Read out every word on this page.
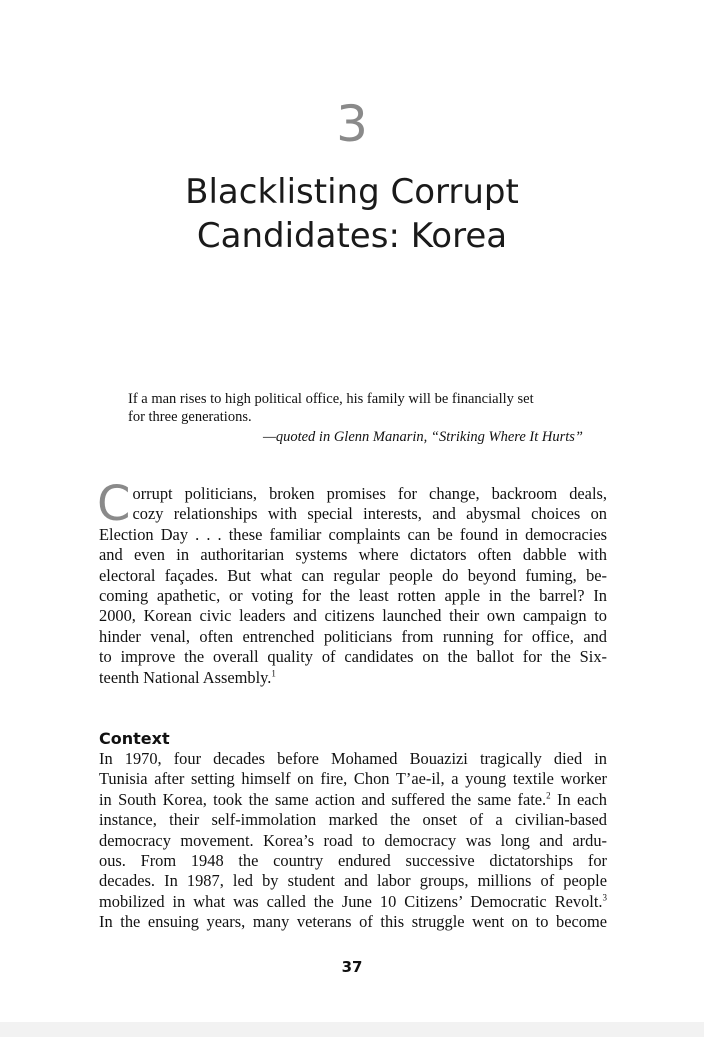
3
Blacklisting Corrupt
Candidates: Korea
If a man rises to high political office, his family will be financially set
for three generations.
—quoted in Glenn Manarin, “Striking Where It Hurts”
C orrupt politicians, broken promises for change, backroom deals,
cozy relationships with special interests, and abysmal choices on
Election Day . . . these familiar complaints can be found in democracies
and even in authoritarian systems where dictators often dabble with
electoral façades. But what can regular people do beyond fuming, be-
coming apathetic, or voting for the least rotten apple in the barrel? In
2000, Korean civic leaders and citizens launched their own campaign to
hinder venal, often entrenched politicians from running for office, and
to improve the overall quality of candidates on the ballot for the Six-
teenth National Assembly.$^1$
Context
In 1970, four decades before Mohamed Bouazizi tragically died in
Tunisia after setting himself on fire, Chon T’ae-il, a young textile worker
in South Korea, took the same action and suffered the same fate.$^2$ In each
instance, their self-immolation marked the onset of a civilian-based
democracy movement. Korea’s road to democracy was long and ardu-
ous. From 1948 the country endured successive dictatorships for
decades. In 1987, led by student and labor groups, millions of people
mobilized in what was called the June 10 Citizens’ Democratic Revolt.$^3$
In the ensuing years, many veterans of this struggle went on to become
37
